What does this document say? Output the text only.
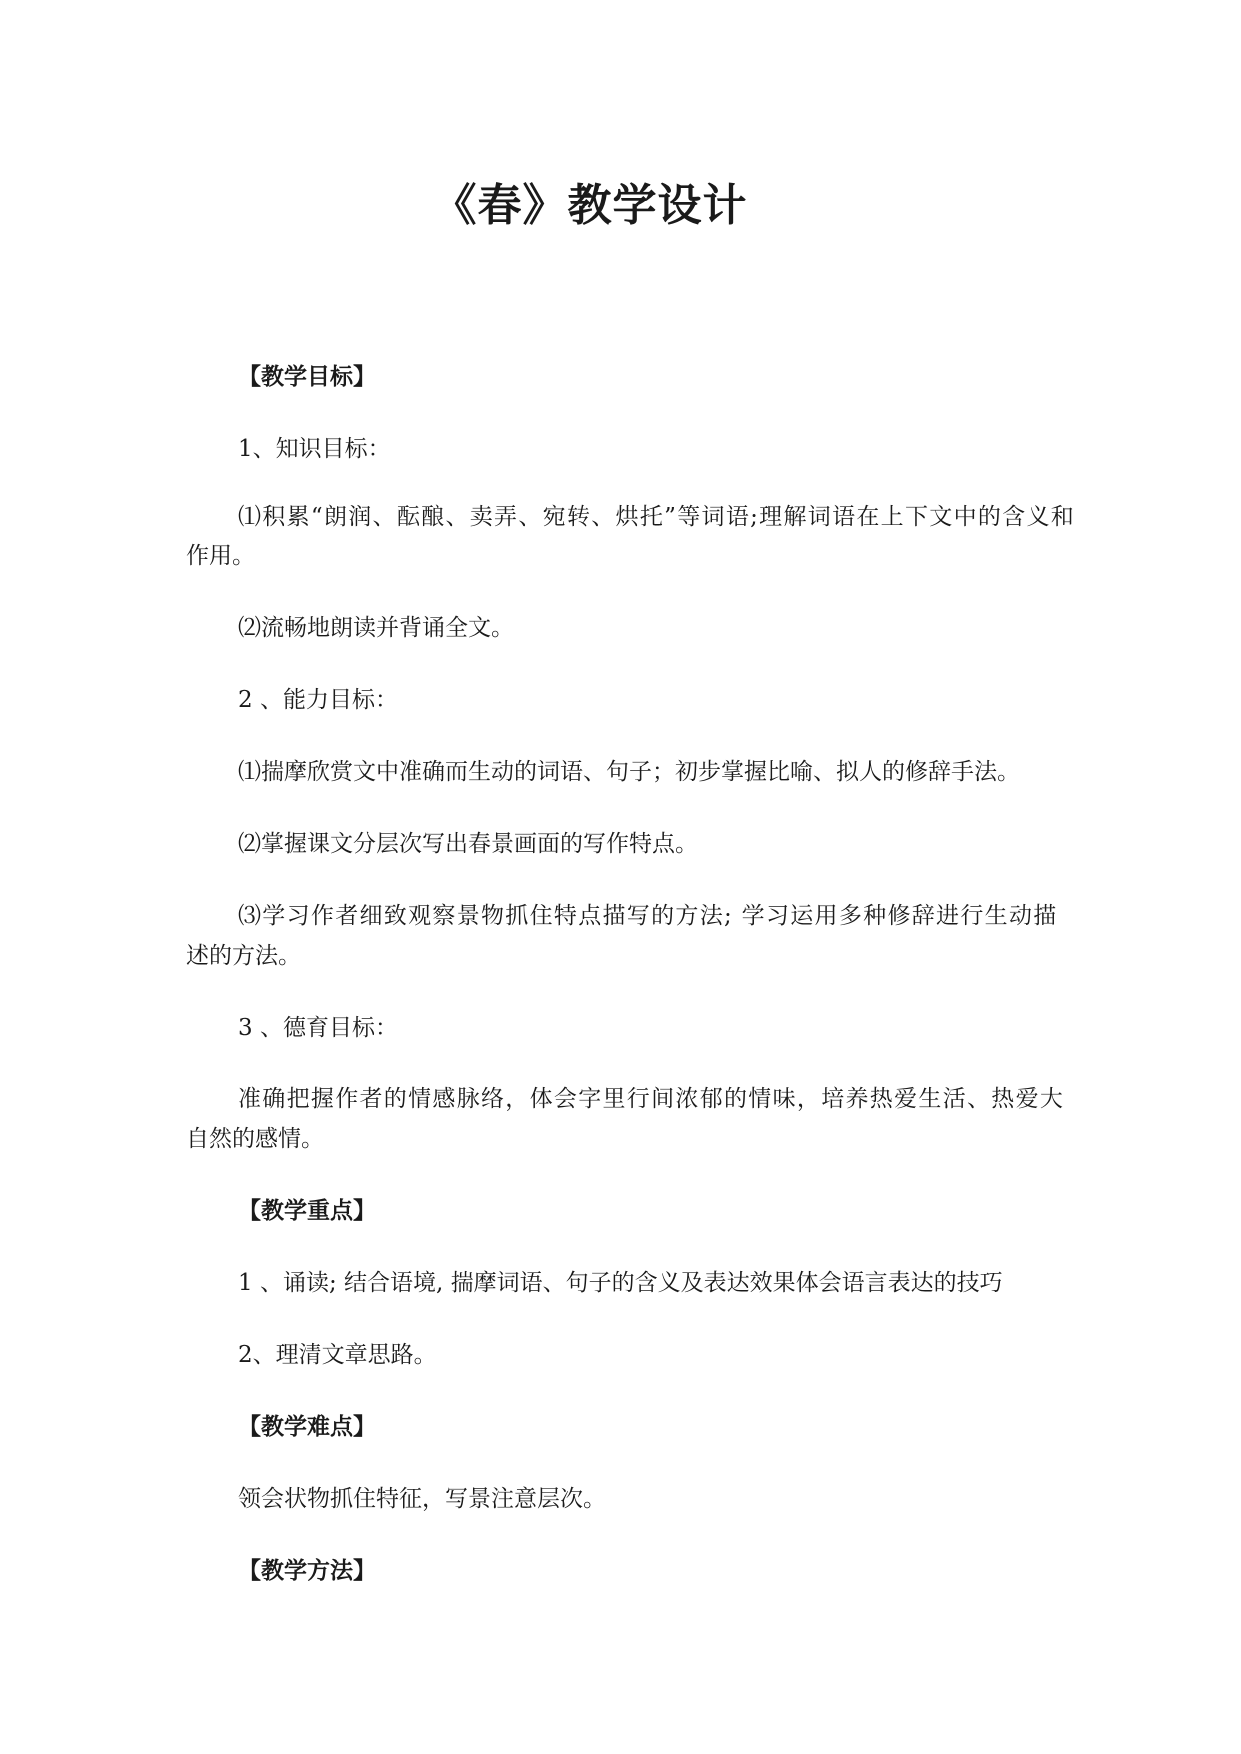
《春》教学设计
【教学目标】
1、知识目标：
⑴积累“朗润、酝酿、卖弄、宛转、烘托”等词语;理解词语在上下文中的含义和
作用。
⑵流畅地朗读并背诵全文。
2 、能力目标：
⑴揣摩欣赏文中准确而生动的词语、句子；初步掌握比喻、拟人的修辞手法。
⑵掌握课文分层次写出春景画面的写作特点。
⑶学习作者细致观察景物抓住特点描写的方法; 学习运用多种修辞进行生动描
述的方法。
3 、德育目标：
准确把握作者的情感脉络，体会字里行间浓郁的情味，培养热爱生活、热爱大
自然的感情。
【教学重点】
1 、诵读; 结合语境, 揣摩词语、句子的含义及表达效果体会语言表达的技巧
2、理清文章思路。
【教学难点】
领会状物抓住特征，写景注意层次。
【教学方法】
